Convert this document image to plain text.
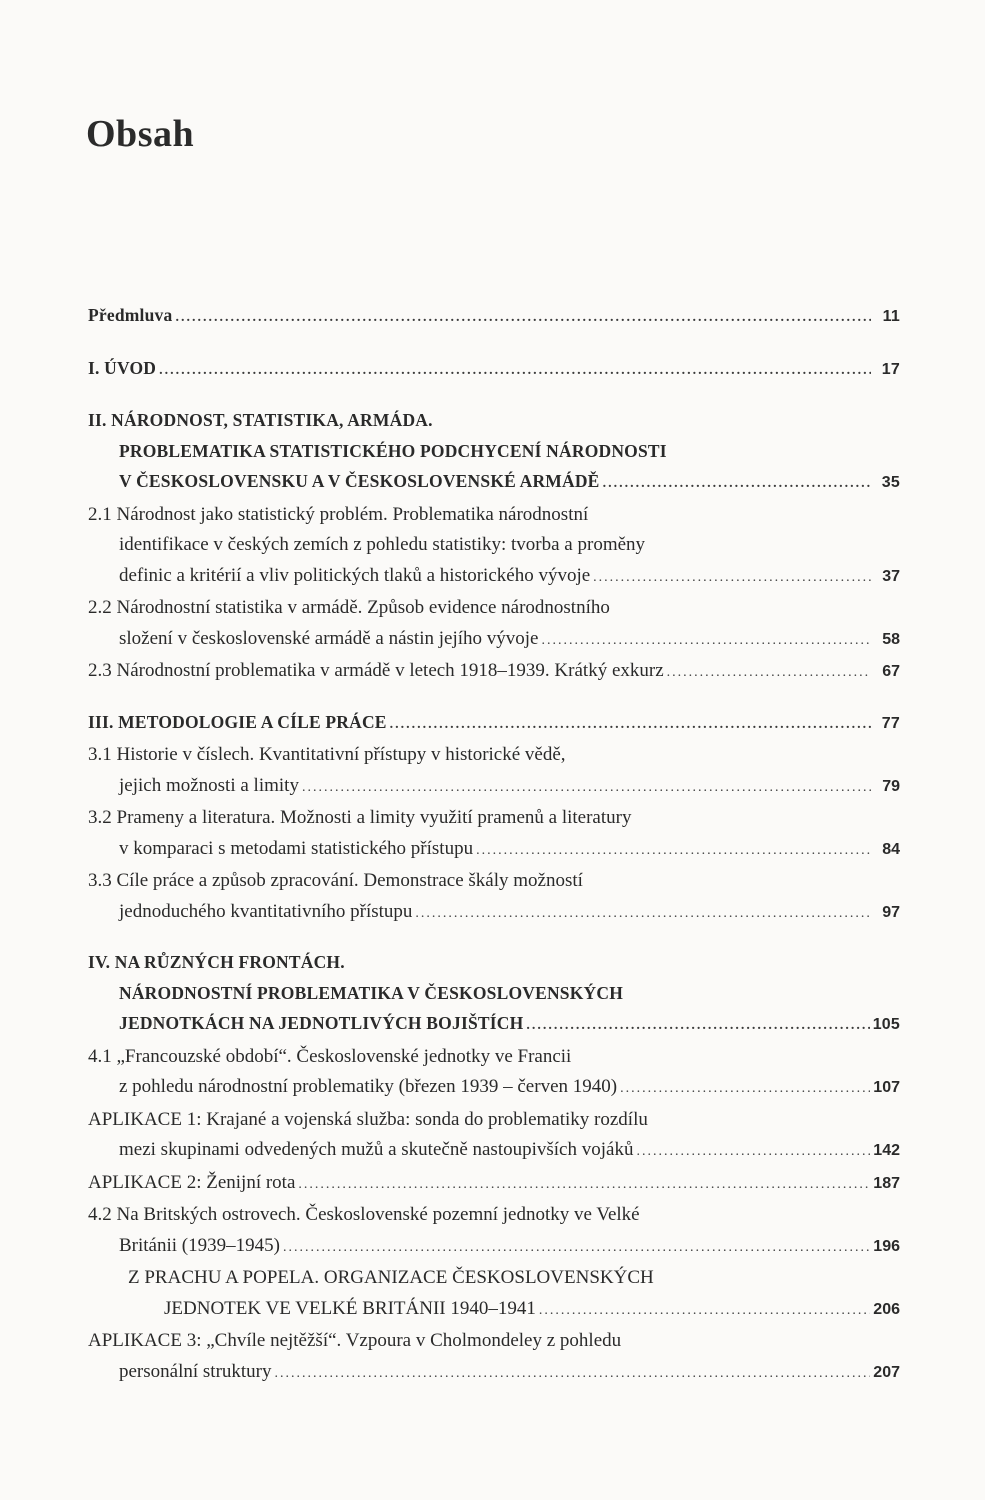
Obsah
Předmluva .....	11
I. ÚVOD .....	17
II. NÁRODNOST, STATISTIKA, ARMÁDA.
PROBLEMATIKA STATISTICKÉHO PODCHYCENÍ NÁRODNOSTI
V ČESKOSLOVENSKU A V ČESKOSLOVENSKÉ ARMÁDĚ .....	35
2.1 Národnost jako statistický problém. Problematika národnostní
identifikace v českých zemích z pohledu statistiky: tvorba a proměny
definic a kritérií a vliv politických tlaků a historického vývoje .....	37
2.2 Národnostní statistika v armádě. Způsob evidence národnostního
složení v československé armádě a nástin jejího vývoje .....	58
2.3 Národnostní problematika v armádě v letech 1918–1939. Krátký exkurz .....	67
III. METODOLOGIE A CÍLE PRÁCE .....	77
3.1 Historie v číslech. Kvantitativní přístupy v historické vědě,
jejich možnosti a limity .....	79
3.2 Prameny a literatura. Možnosti a limity využití pramenů a literatury
v komparaci s metodami statistického přístupu .....	84
3.3 Cíle práce a způsob zpracování. Demonstrace škály možností
jednoduchého kvantitativního přístupu .....	97
IV. NA RŮZNÝCH FRONTÁCH.
NÁRODNOSTNÍ PROBLEMATIKA V ČESKOSLOVENSKÝCH
JEDNOTKÁCH NA JEDNOTLIVÝCH BOJIŠTÍCH .....	105
4.1 „Francouzské období“. Československé jednotky ve Francii
z pohledu národnostní problematiky (březen 1939 – červen 1940) .....	107
APLIKACE 1: Krajané a vojenská služba: sonda do problematiky rozdílu
mezi skupinami odvedených mužů a skutečně nastoupivších vojáků .....	142
APLIKACE 2: Ženijní rota .....	187
4.2 Na Britských ostrovech. Československé pozemní jednotky ve Velké
Británii (1939–1945) .....	196
Z PRACHU A POPELA. ORGANIZACE ČESKOSLOVENSKÝCH
JEDNOTEK VE VELKÉ BRITÁNII 1940–1941 .....	206
APLIKACE 3: „Chvíle nejtěžší“. Vzpoura v Cholmondeley z pohledu
personální struktury .....	207
